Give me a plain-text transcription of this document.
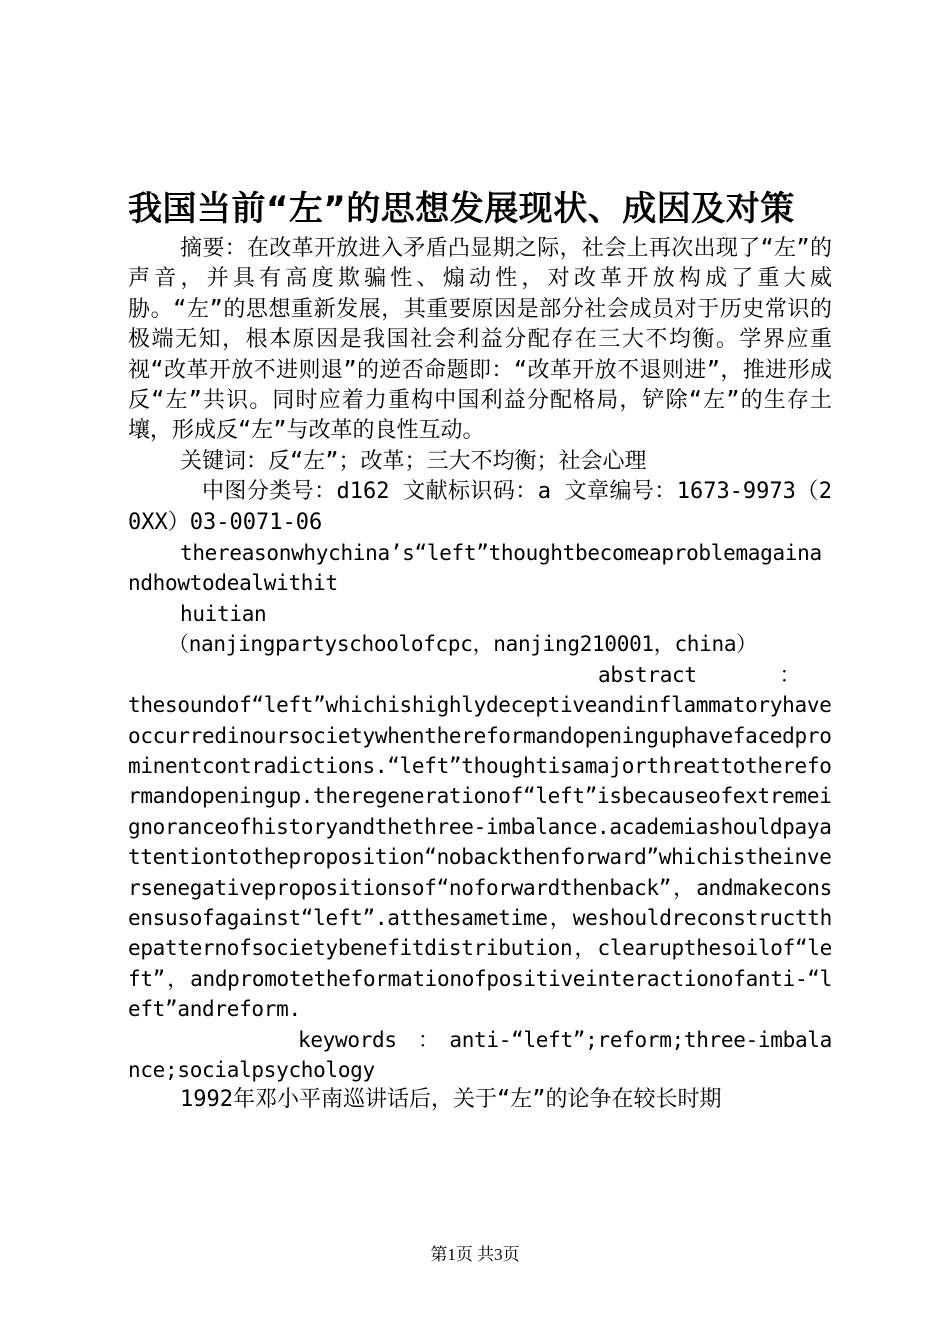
我国当前“左”的思想发展现状、成因及对策

摘要：在改革开放进入矛盾凸显期之际，社会上再次出现了“左”的声音，并具有高度欺骗性、煽动性，对改革开放构成了重大威胁。“左”的思想重新发展，其重要原因是部分社会成员对于历史常识的极端无知，根本原因是我国社会利益分配存在三大不均衡。学界应重视“改革开放不进则退”的逆否命题即：“改革开放不退则进”，推进形成反“左”共识。同时应着力重构中国利益分配格局，铲除“左”的生存土壤，形成反“左”与改革的良性互动。

关键词：反“左”；改革；三大不均衡；社会心理

中图分类号：d162 文献标识码：a 文章编号：1673-9973（20XX）03-0071-06

thereasonwhychina’s“left”thoughtbecomeaproblemagainandhowtodealwithit

huitian

（nanjingpartyschoolofcpc，nanjing210001，china）

abstract　　　　：

thesoundof“left”whichishighlydeceptiveandinflammatoryhaveoccurredinoursocietywhenthereformandopeninguphavefacedprominentcontradictions.“left”thoughtisamajorthreattothereformandopeningup.theregenerationof“left”isbecauseofextremeignoranceofhistoryandthethree-imbalance.academiashouldpayattentiontotheproposition“nobackthenforward”whichistheinversenegativepropositionsof“noforwardthenback”，andmakeconsensusofagainst“left”.atthesametime，weshouldreconstructthepatternofsocietybenefitdistribution，clearupthesoilof“left”，andpromotetheformationofpositiveinteractionofanti-“left”andreform.

keywords　：　anti-“left”;reform;three-imbalance;socialpsychology

1992年邓小平南巡讲话后，关于“左”的论争在较长时期

第1页 共3页
